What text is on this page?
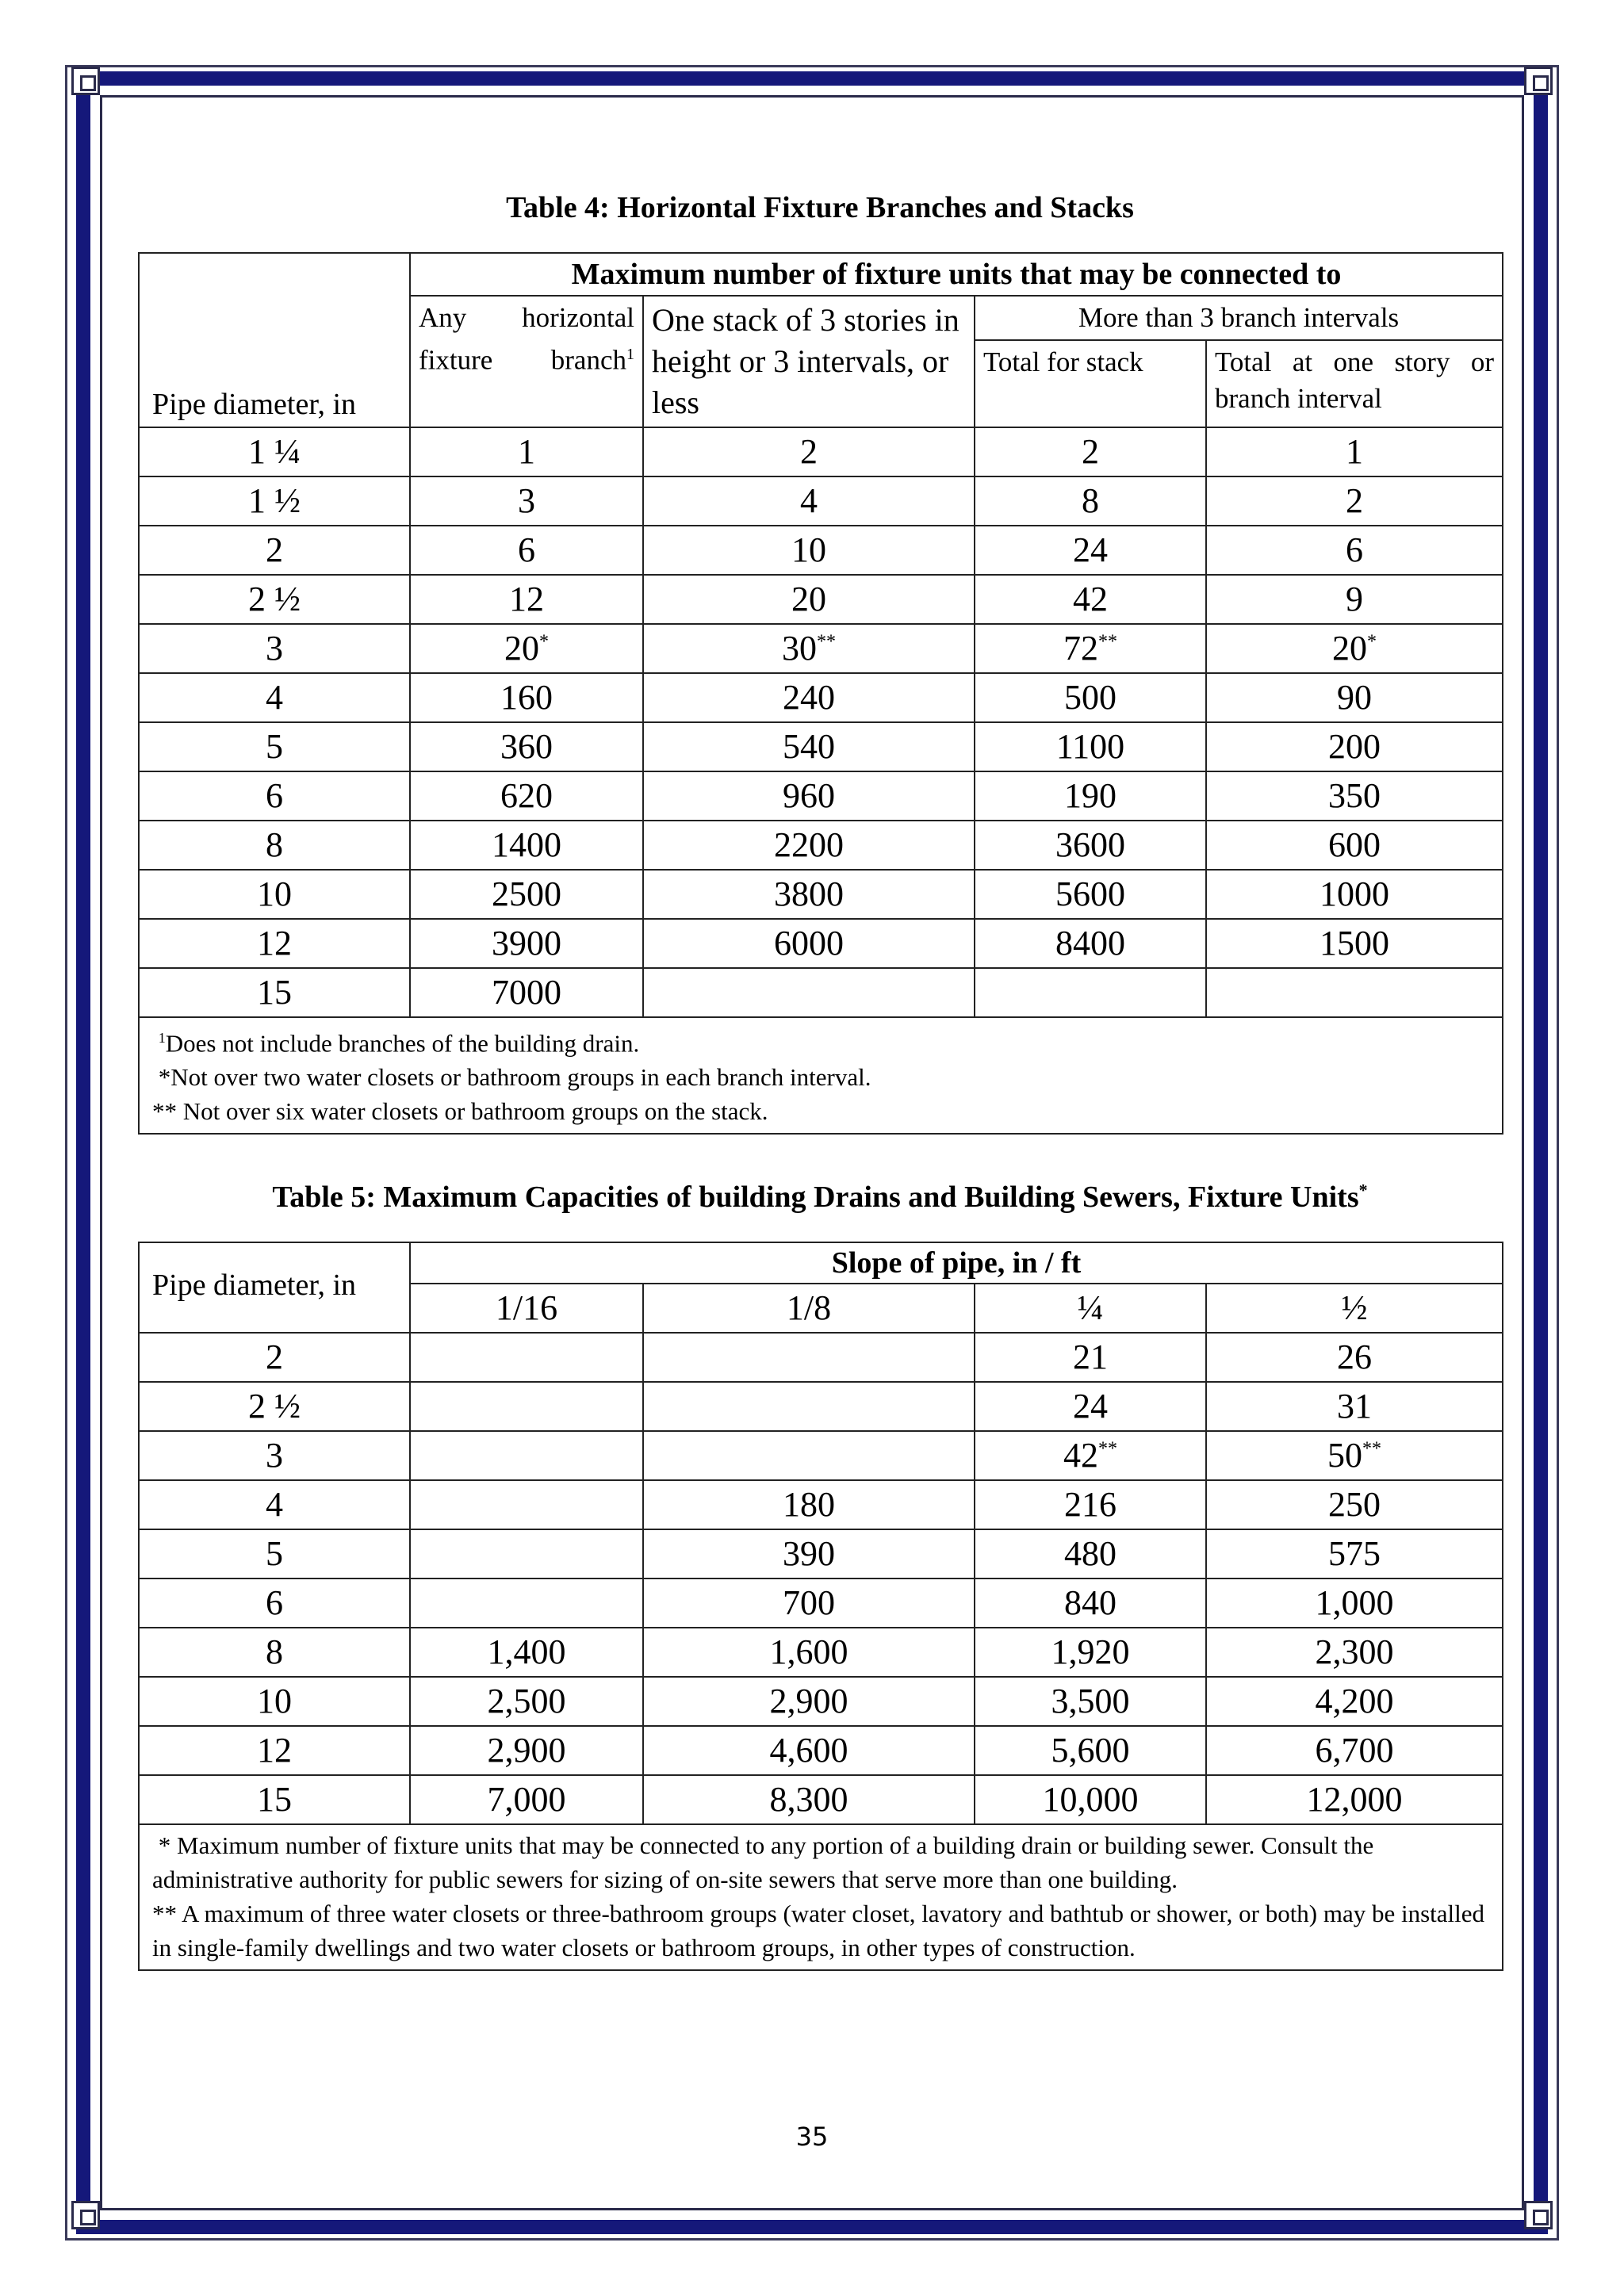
Table 4: Horizontal Fixture Branches and Stacks
Pipe diameter, in	Maximum number of fixture units that may be connected to			
	Any horizontal fixture branch$^1$	One stack of 3 stories in height or 3 intervals, or less	More than 3 branch intervals	
			Total for stack	Total at one story or branch interval
1 ¼	1	2	2	1
1 ½	3	4	8	2
2	6	10	24	6
2 ½	12	20	42	9
3	20*	30**	72**	20*
4	160	240	500	90
5	360	540	1100	200
6	620	960	190	350
8	1400	2200	3600	600
10	2500	3800	5600	1000
12	3900	6000	8400	1500
15	7000			

$^1$Does not include branches of the building drain.
*Not over two water closets or bathroom groups in each branch interval.
** Not over six water closets or bathroom groups on the stack.				
Table 5: Maximum Capacities of building Drains and Building Sewers, Fixture Units*
Pipe diameter, in	Slope of pipe, in / ft			
	1/16	1/8	¼	½
2			21	26
2 ½			24	31
3			42**	50**
4		180	216	250
5		390	480	575
6		700	840	1,000
8	1,400	1,600	1,920	2,300
10	2,500	2,900	3,500	4,200
12	2,900	4,600	5,600	6,700
15	7,000	8,300	10,000	12,000

* Maximum number of fixture units that may be connected to any portion of a building drain or building sewer. Consult the administrative authority for public sewers for sizing of on-site sewers that serve more than one building.
** A maximum of three water closets or three-bathroom groups (water closet, lavatory and bathtub or shower, or both) may be installed in single-family dwellings and two water closets or bathroom groups, in other types of construction.				
35
